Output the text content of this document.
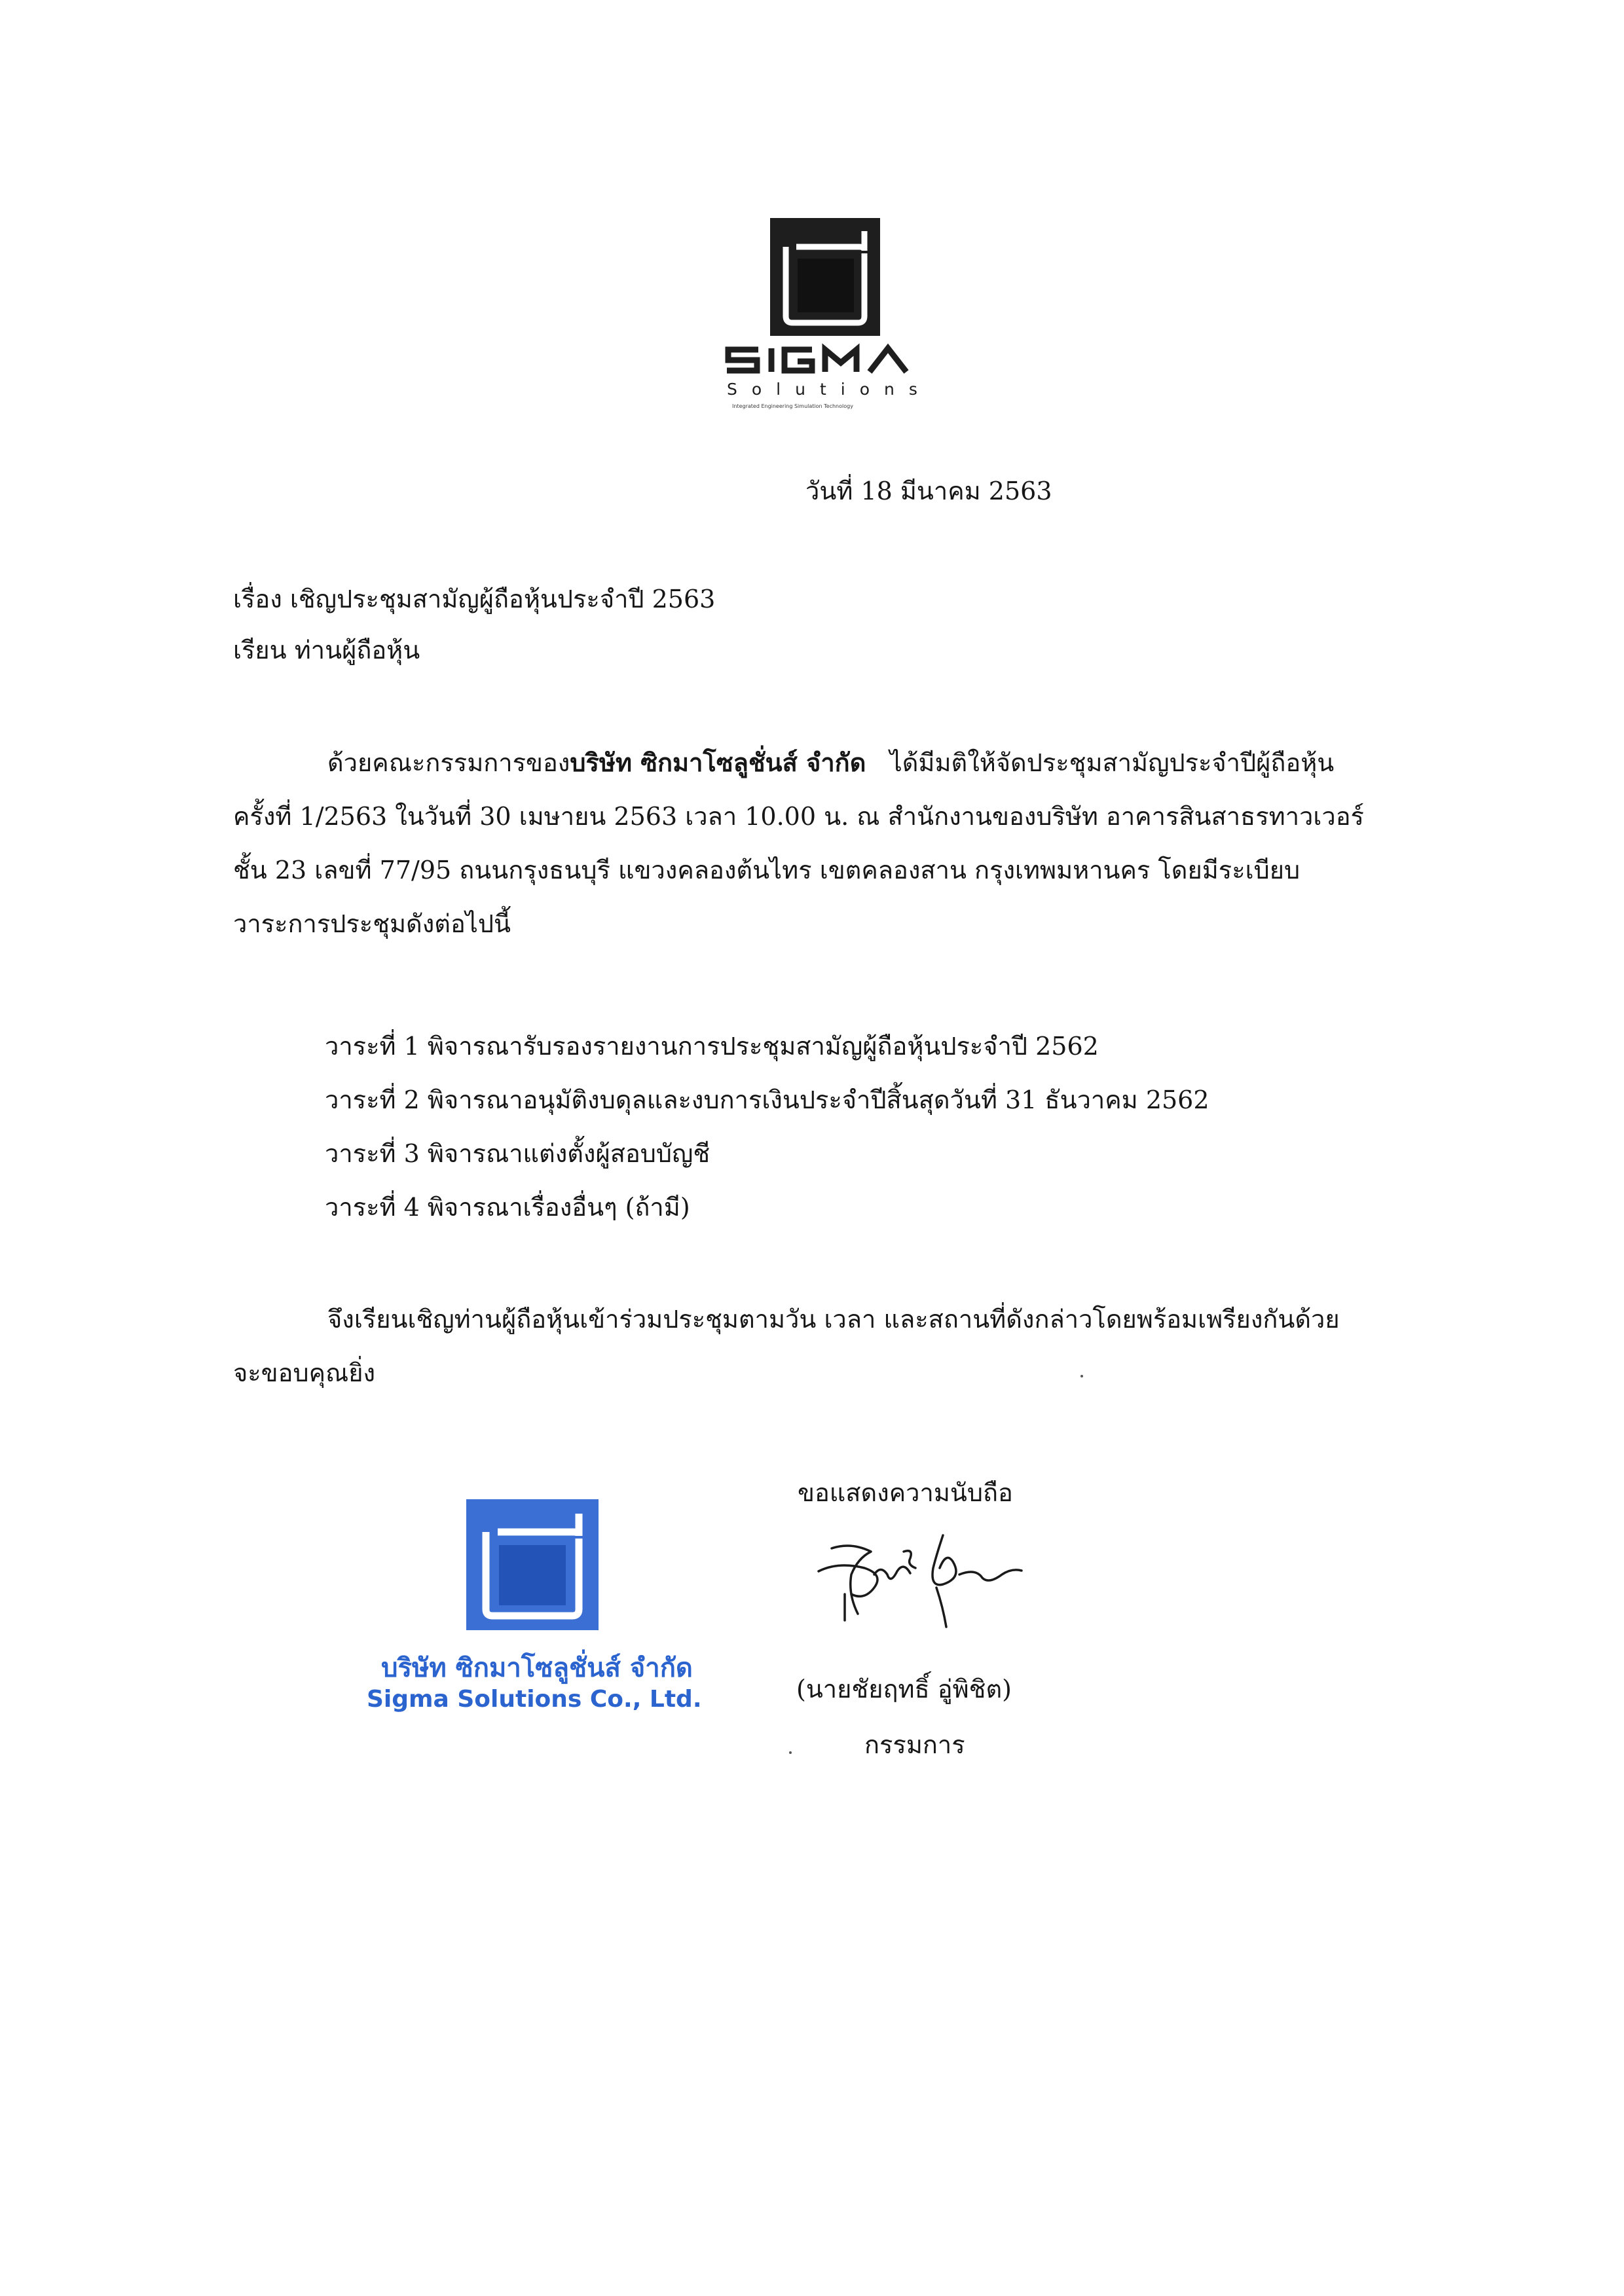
Solutions
Integrated Engineering Simulation Technology
วันที่ 18 มีนาคม 2563
เรื่อง เชิญประชุมสามัญผู้ถือหุ้นประจำปี 2563
เรียน ท่านผู้ถือหุ้น
ด้วยคณะกรรมการของบริษัท ซิกมาโซลูชั่นส์ จำกัด ได้มีมติให้จัดประชุมสามัญประจำปีผู้ถือหุ้น
ครั้งที่ 1/2563 ในวันที่ 30 เมษายน 2563 เวลา 10.00 น. ณ สำนักงานของบริษัท อาคารสินสาธรทาวเวอร์
ชั้น 23 เลขที่ 77/95 ถนนกรุงธนบุรี แขวงคลองต้นไทร เขตคลองสาน กรุงเทพมหานคร โดยมีระเบียบ
วาระการประชุมดังต่อไปนี้
วาระที่ 1 พิจารณารับรองรายงานการประชุมสามัญผู้ถือหุ้นประจำปี 2562
วาระที่ 2 พิจารณาอนุมัติงบดุลและงบการเงินประจำปีสิ้นสุดวันที่ 31 ธันวาคม 2562
วาระที่ 3 พิจารณาแต่งตั้งผู้สอบบัญชี
วาระที่ 4 พิจารณาเรื่องอื่นๆ (ถ้ามี)
จึงเรียนเชิญท่านผู้ถือหุ้นเข้าร่วมประชุมตามวัน เวลา และสถานที่ดังกล่าวโดยพร้อมเพรียงกันด้วย
จะขอบคุณยิ่ง
ขอแสดงความนับถือ
(นายชัยฤทธิ์ อู่พิชิต)
กรรมการ
บริษัท ซิกมาโซลูชั่นส์ จำกัด
Sigma Solutions Co., Ltd.
